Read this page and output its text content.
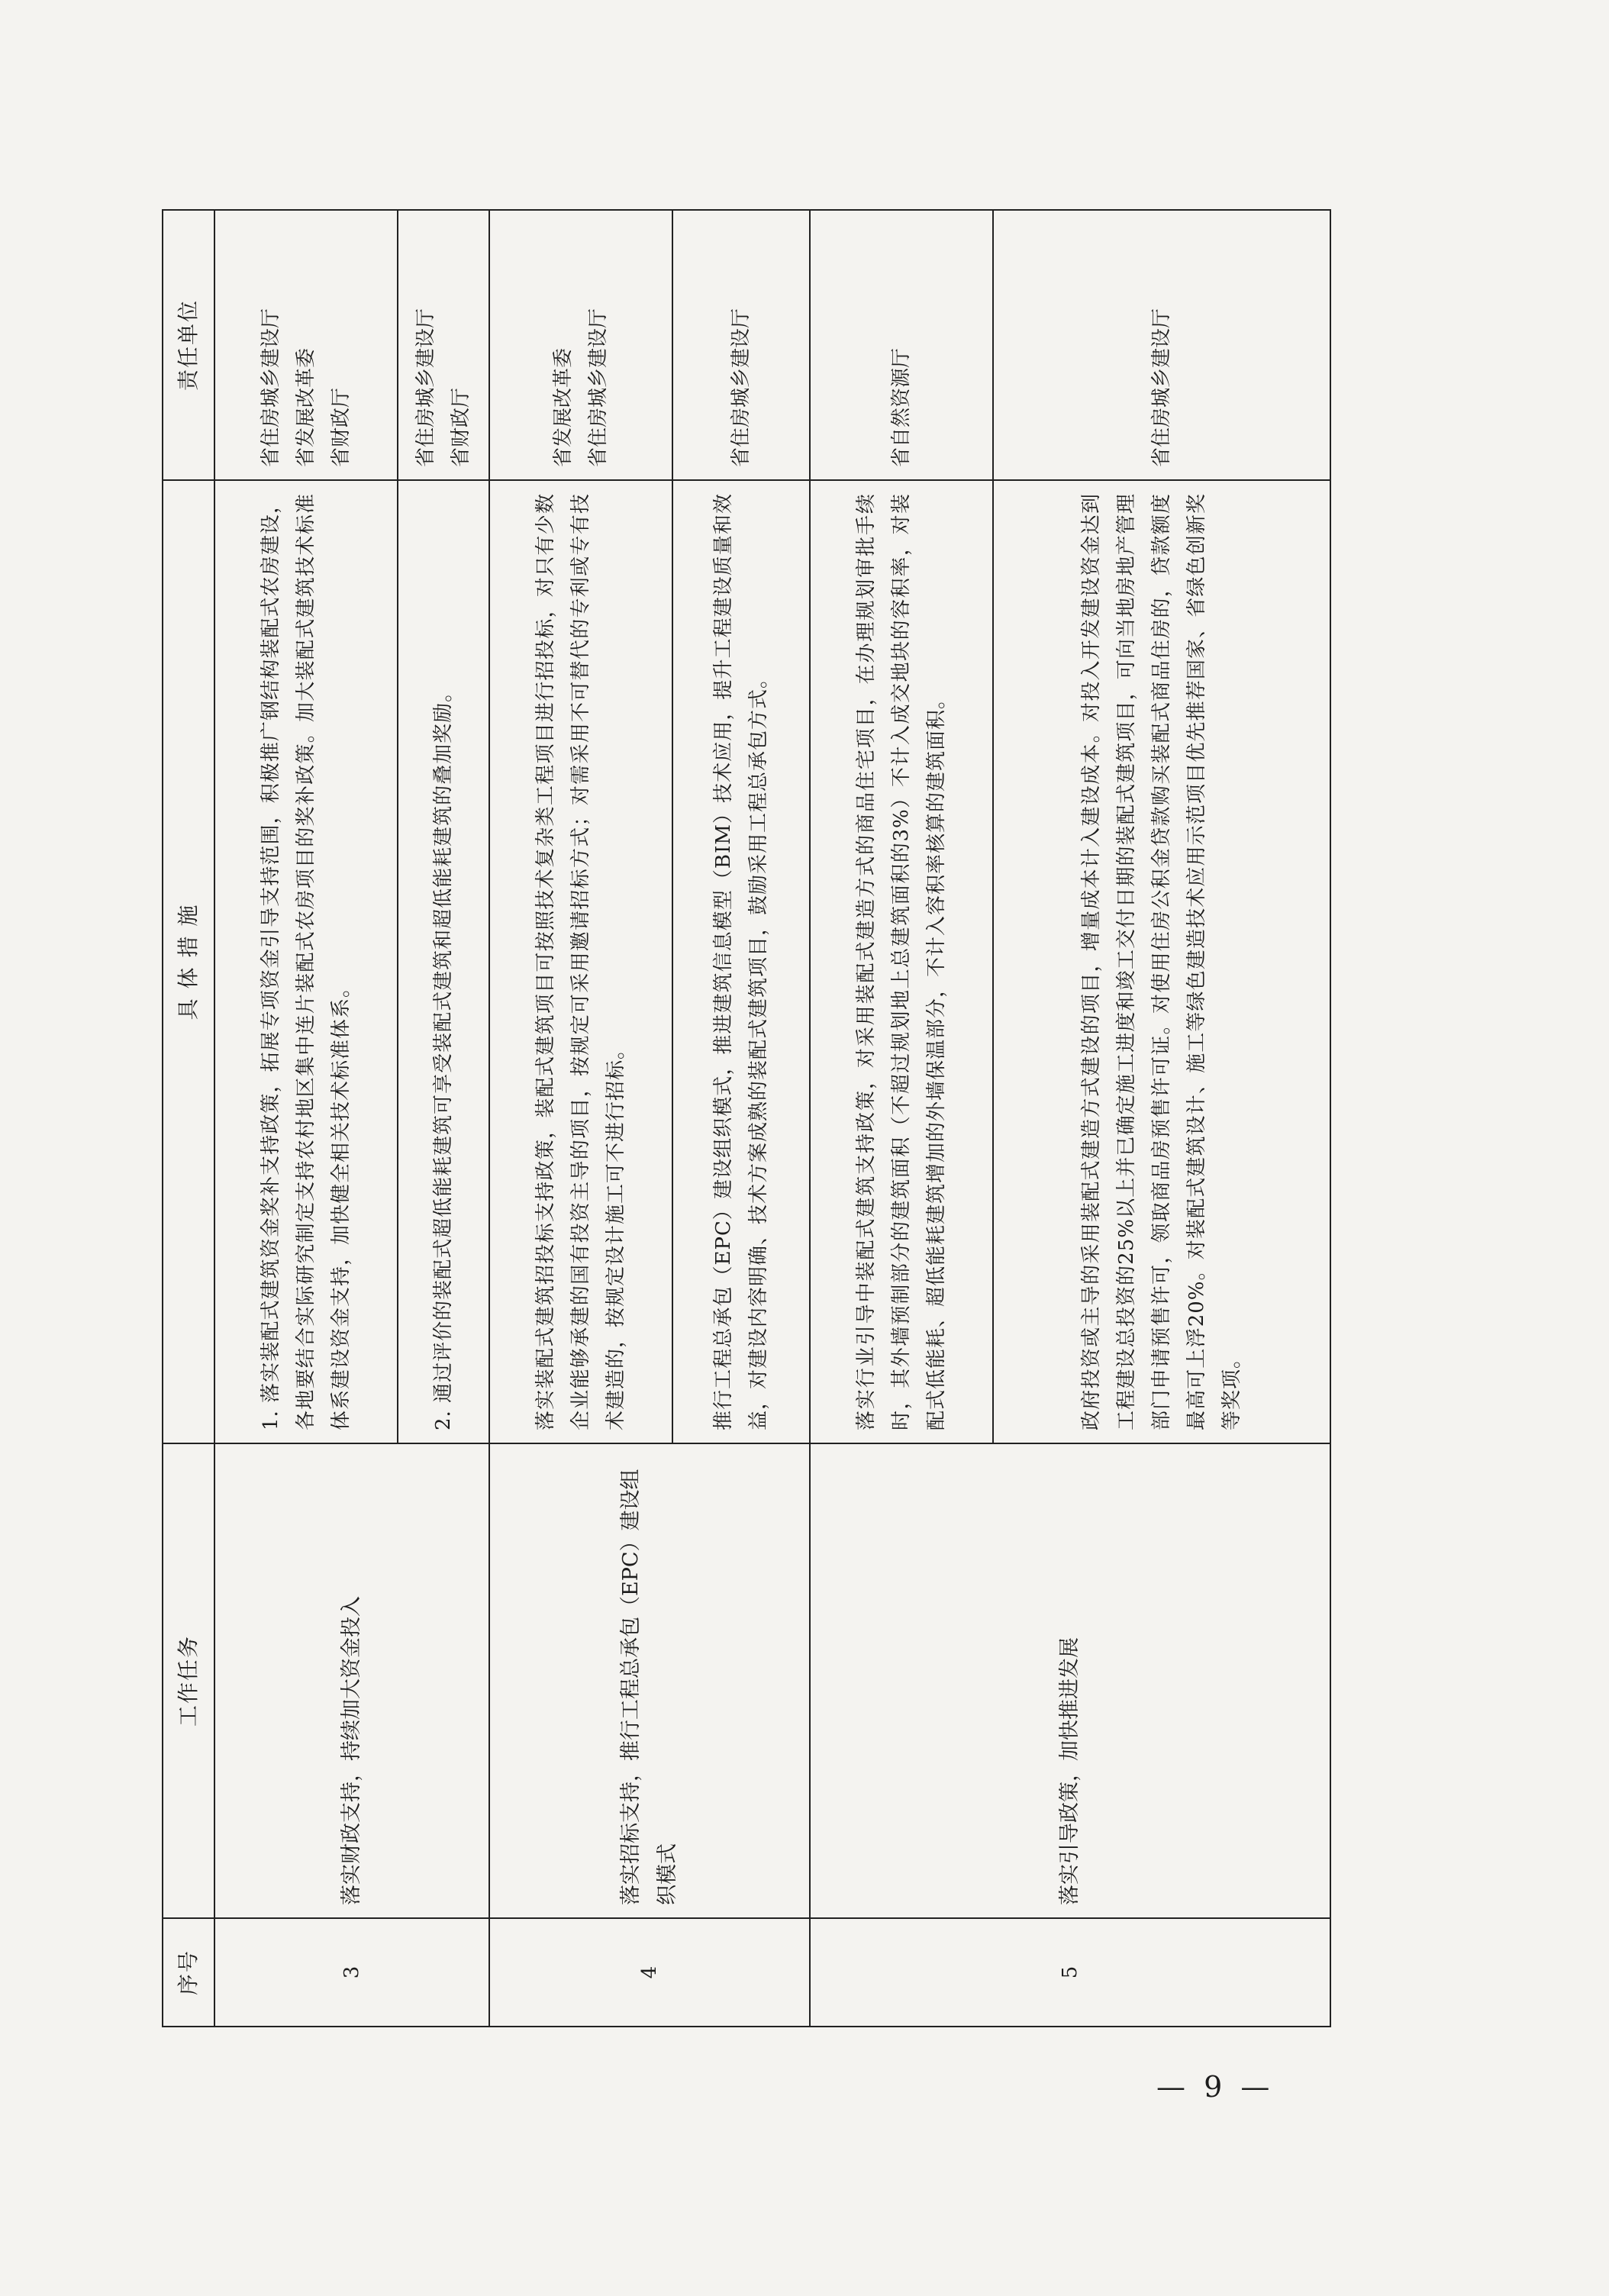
序号	工作任务	具 体 措 施	责任单位
3	落实财政支持，持续加大资金投入	1. 落实装配式建筑资金奖补支持政策，拓展专项资金引导支持范围，积极推广钢结构装配式农房建设，各地要结合实际研究制定支持农村地区集中连片装配式农房项目的奖补政策。加大装配式建筑技术标准体系建设资金支持，加快健全相关技术标准体系。	省住房城乡建设厅 省发展改革委 省财政厅

		2. 通过评价的装配式超低能耗建筑可享受装配式建筑和超低能耗建筑的叠加奖励。	省住房城乡建设厅 省财政厅

4	落实招标支持，推行工程总承包（EPC）建设组织模式	落实装配式建筑招投标支持政策，装配式建筑项目可按照技术复杂类工程项目进行招投标，对只有少数企业能够承建的国有投资主导的项目，按规定可采用邀请招标方式；对需采用不可替代的专利或专有技术建造的，按规定设计施工可不进行招标。	省发展改革委 省住房城乡建设厅

		推行工程总承包（EPC）建设组织模式，推进建筑信息模型（BIM）技术应用，提升工程建设质量和效益，对建设内容明确、技术方案成熟的装配式建筑项目，鼓励采用工程总承包方式。	省住房城乡建设厅

5	落实引导政策，加快推进发展	落实行业引导中装配式建筑支持政策，对采用装配式建造方式的商品住宅项目，在办理规划审批手续时，其外墙预制部分的建筑面积（不超过规划地上总建筑面积的3%）不计入成交地块的容积率，对装配式低能耗、超低能耗建筑增加的外墙保温部分，不计入容积率核算的建筑面积。	省自然资源厅

		政府投资或主导的采用装配式建造方式建设的项目，增量成本计入建设成本。对投入开发建设资金达到工程建设总投资的25%以上并已确定施工进度和竣工交付日期的装配式建筑项目，可向当地房地产管理部门申请预售许可，领取商品房预售许可证。对使用住房公积金贷款购买装配式商品住房的，贷款额度最高可上浮20%。对装配式建筑设计、施工等绿色建造技术应用示范项目优先推荐国家、省绿色创新奖等奖项。	省住房城乡建设厅
— 9 —
